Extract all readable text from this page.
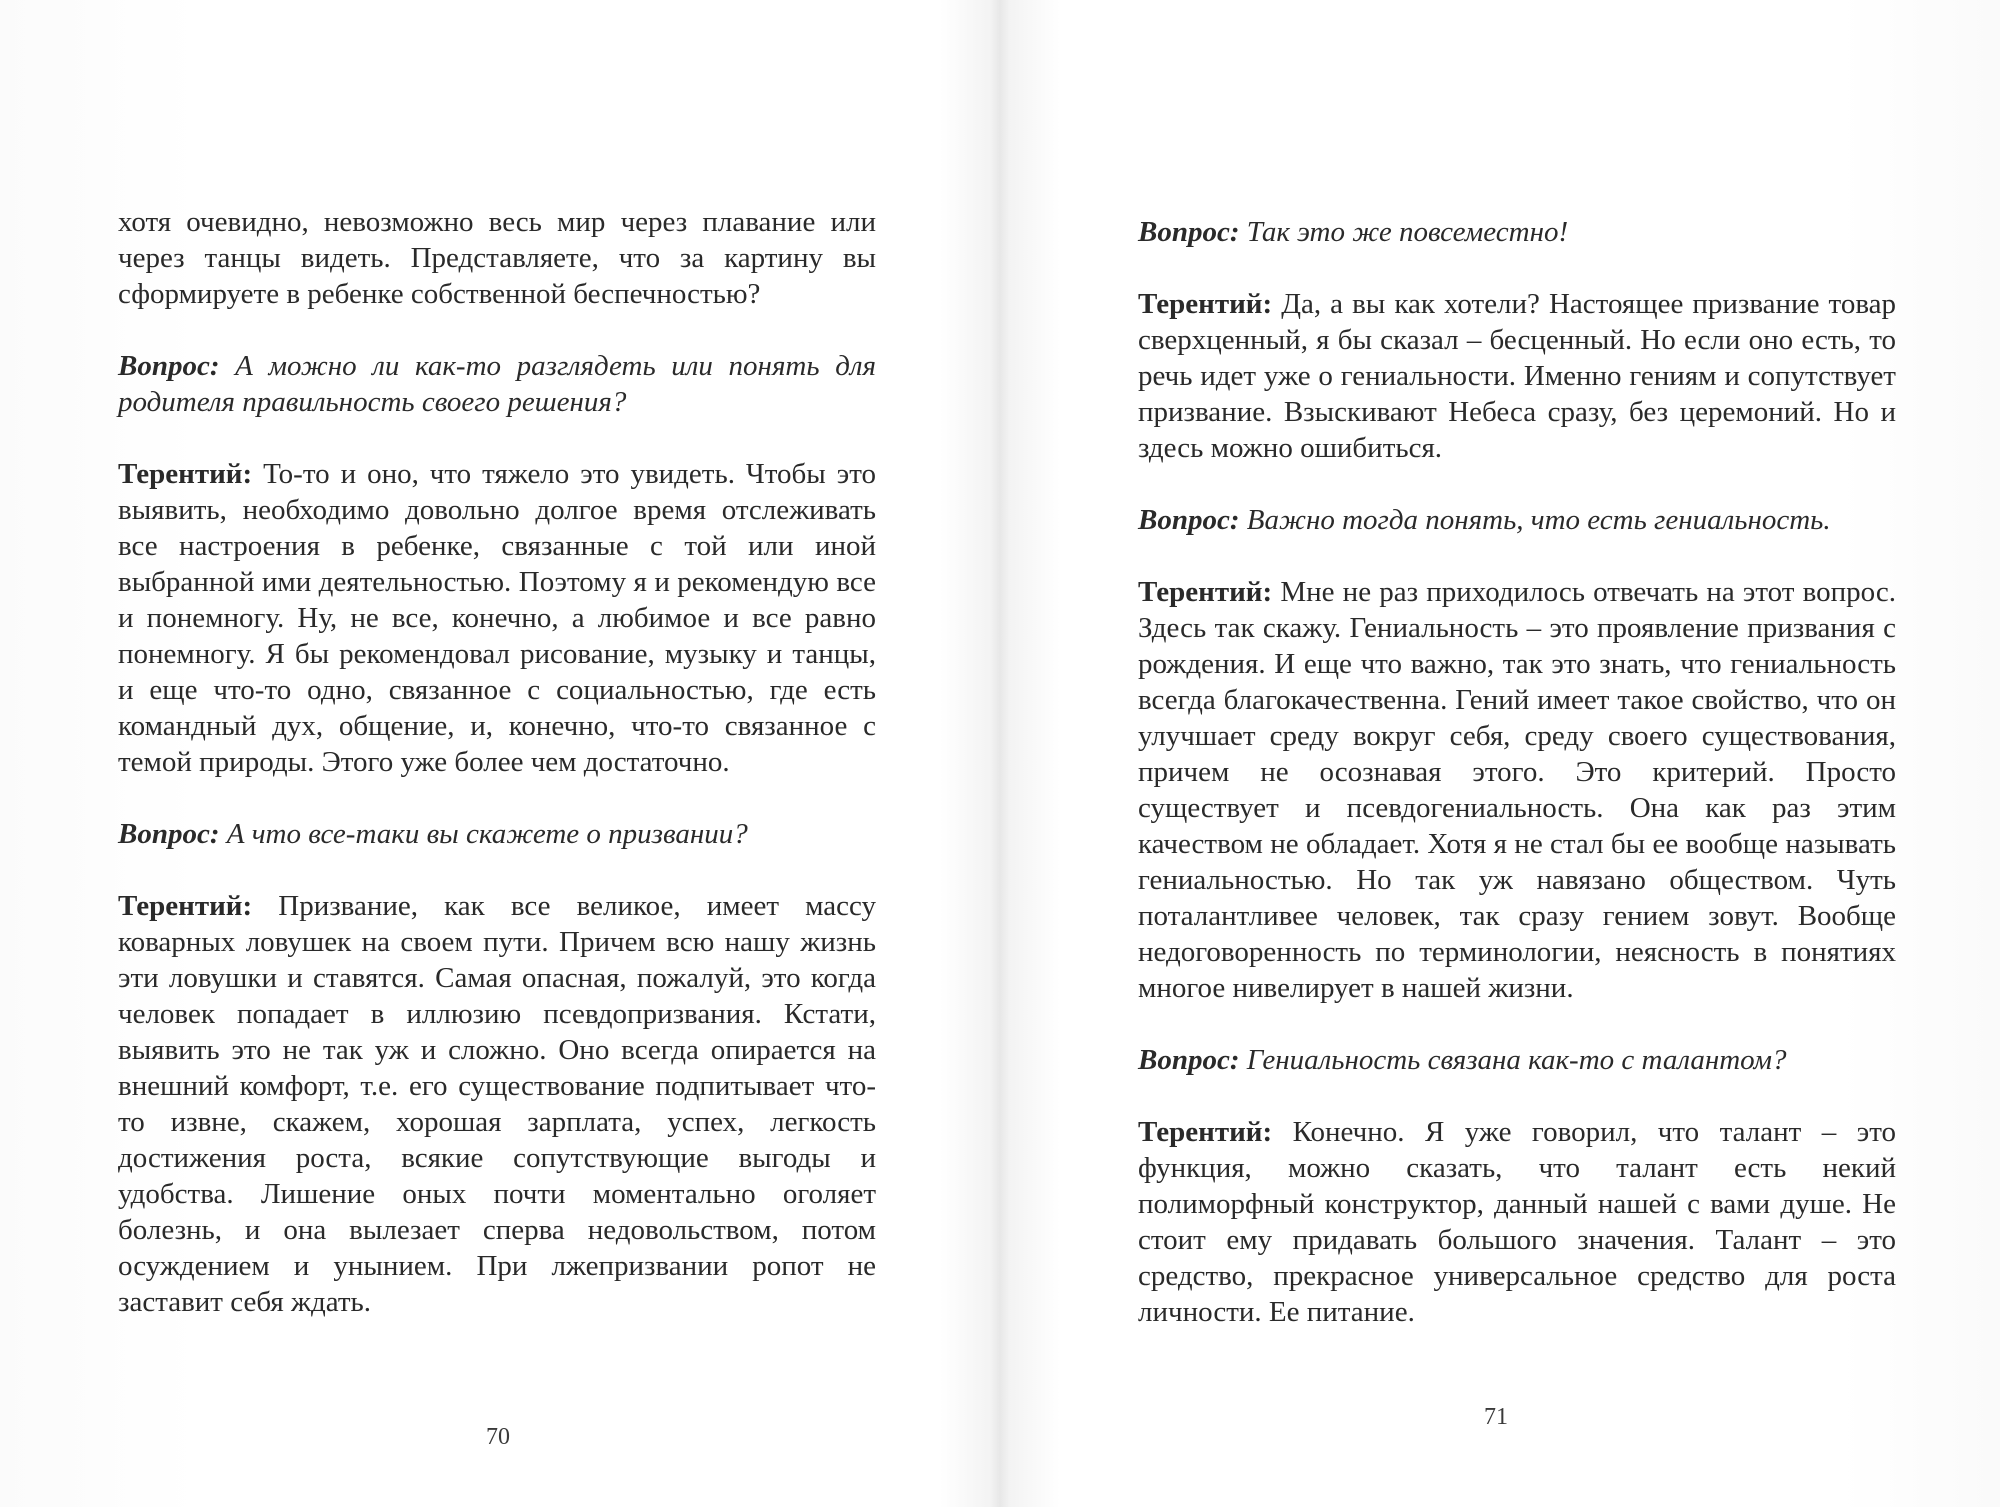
хотя очевидно, невозможно весь мир через плавание или через танцы видеть. Представляете, что за картину вы сформируете в ребенке собственной беспечностью?

Вопрос: А можно ли как-то разглядеть или понять для родителя правильность своего решения?

Терентий: То-то и оно, что тяжело это увидеть. Чтобы это выявить, необходимо довольно долгое время отслеживать все настроения в ребенке, связанные с той или иной выбранной ими деятельностью. Поэтому я и рекомендую все и понемногу. Ну, не все, конечно, а любимое и все равно понемногу. Я бы рекомендовал рисование, музыку и танцы, и еще что-то одно, связанное с социальностью, где есть командный дух, общение, и, конечно, что-то связанное с темой природы. Этого уже более чем достаточно.

Вопрос: А что все-таки вы скажете о призвании?

Терентий: Призвание, как все великое, имеет массу коварных ловушек на своем пути. Причем всю нашу жизнь эти ловушки и ставятся. Самая опасная, пожалуй, это когда человек попадает в иллюзию псевдопризвания. Кстати, выявить это не так уж и сложно. Оно всегда опирается на внешний комфорт, т.е. его существование подпитывает что-то извне, скажем, хорошая зарплата, успех, легкость достижения роста, всякие сопутствующие выгоды и удобства. Лишение оных почти моментально оголяет болезнь, и она вылезает сперва недовольством, потом осуждением и унынием. При лжепризвании ропот не заставит себя ждать.

70

Вопрос: Так это же повсеместно!

Терентий: Да, а вы как хотели? Настоящее призвание товар сверхценный, я бы сказал – бесценный. Но если оно есть, то речь идет уже о гениальности. Именно гениям и сопутствует призвание. Взыскивают Небеса сразу, без церемоний. Но и здесь можно ошибиться.

Вопрос: Важно тогда понять, что есть гениальность.

Терентий: Мне не раз приходилось отвечать на этот вопрос. Здесь так скажу. Гениальность – это проявление призвания с рождения. И еще что важно, так это знать, что гениальность всегда благокачественна. Гений имеет такое свойство, что он улучшает среду вокруг себя, среду своего существования, причем не осознавая этого. Это критерий. Просто существует и псевдогениальность. Она как раз этим качеством не обладает. Хотя я не стал бы ее вообще называть гениальностью. Но так уж навязано обществом. Чуть поталантливее человек, так сразу гением зовут. Вообще недоговоренность по терминологии, неясность в понятиях многое нивелирует в нашей жизни.

Вопрос: Гениальность связана как-то с талантом?

Терентий: Конечно. Я уже говорил, что талант – это функция, можно сказать, что талант есть некий полиморфный конструктор, данный нашей с вами душе. Не стоит ему придавать большого значения. Талант – это средство, прекрасное универсальное средство для роста личности. Ее питание.

71
